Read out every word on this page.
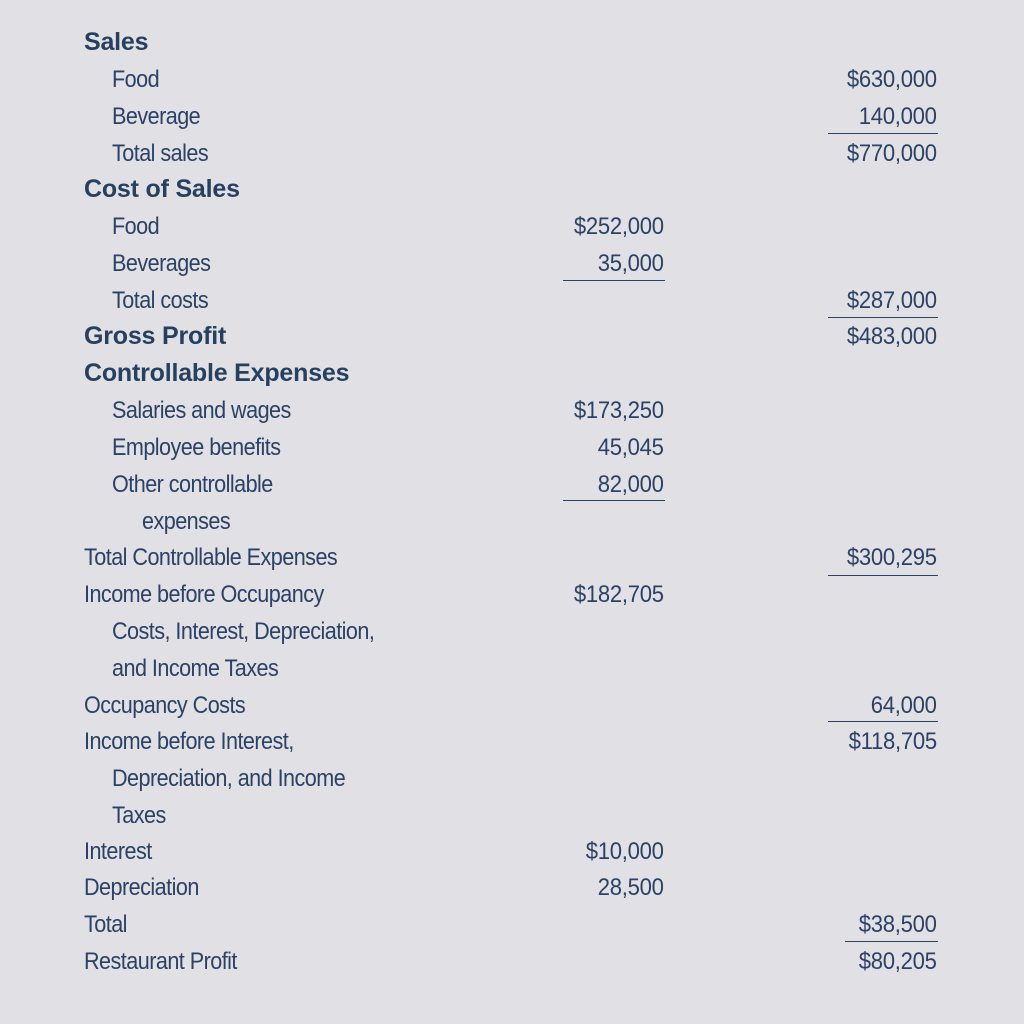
Sales
Food	$630,000
Beverage	140,000
Total sales	$770,000
Cost of Sales
Food	$252,000
Beverages	35,000
Total costs	$287,000
Gross Profit	$483,000
Controllable Expenses
Salaries and wages	$173,250
Employee benefits	45,045
Other controllable	82,000
expenses
Total Controllable Expenses	$300,295
Income before Occupancy	$182,705
Costs, Interest, Depreciation,
and Income Taxes
Occupancy Costs	64,000
Income before Interest,	$118,705
Depreciation, and Income
Taxes
Interest	$10,000
Depreciation	28,500
Total	$38,500
Restaurant Profit	$80,205
